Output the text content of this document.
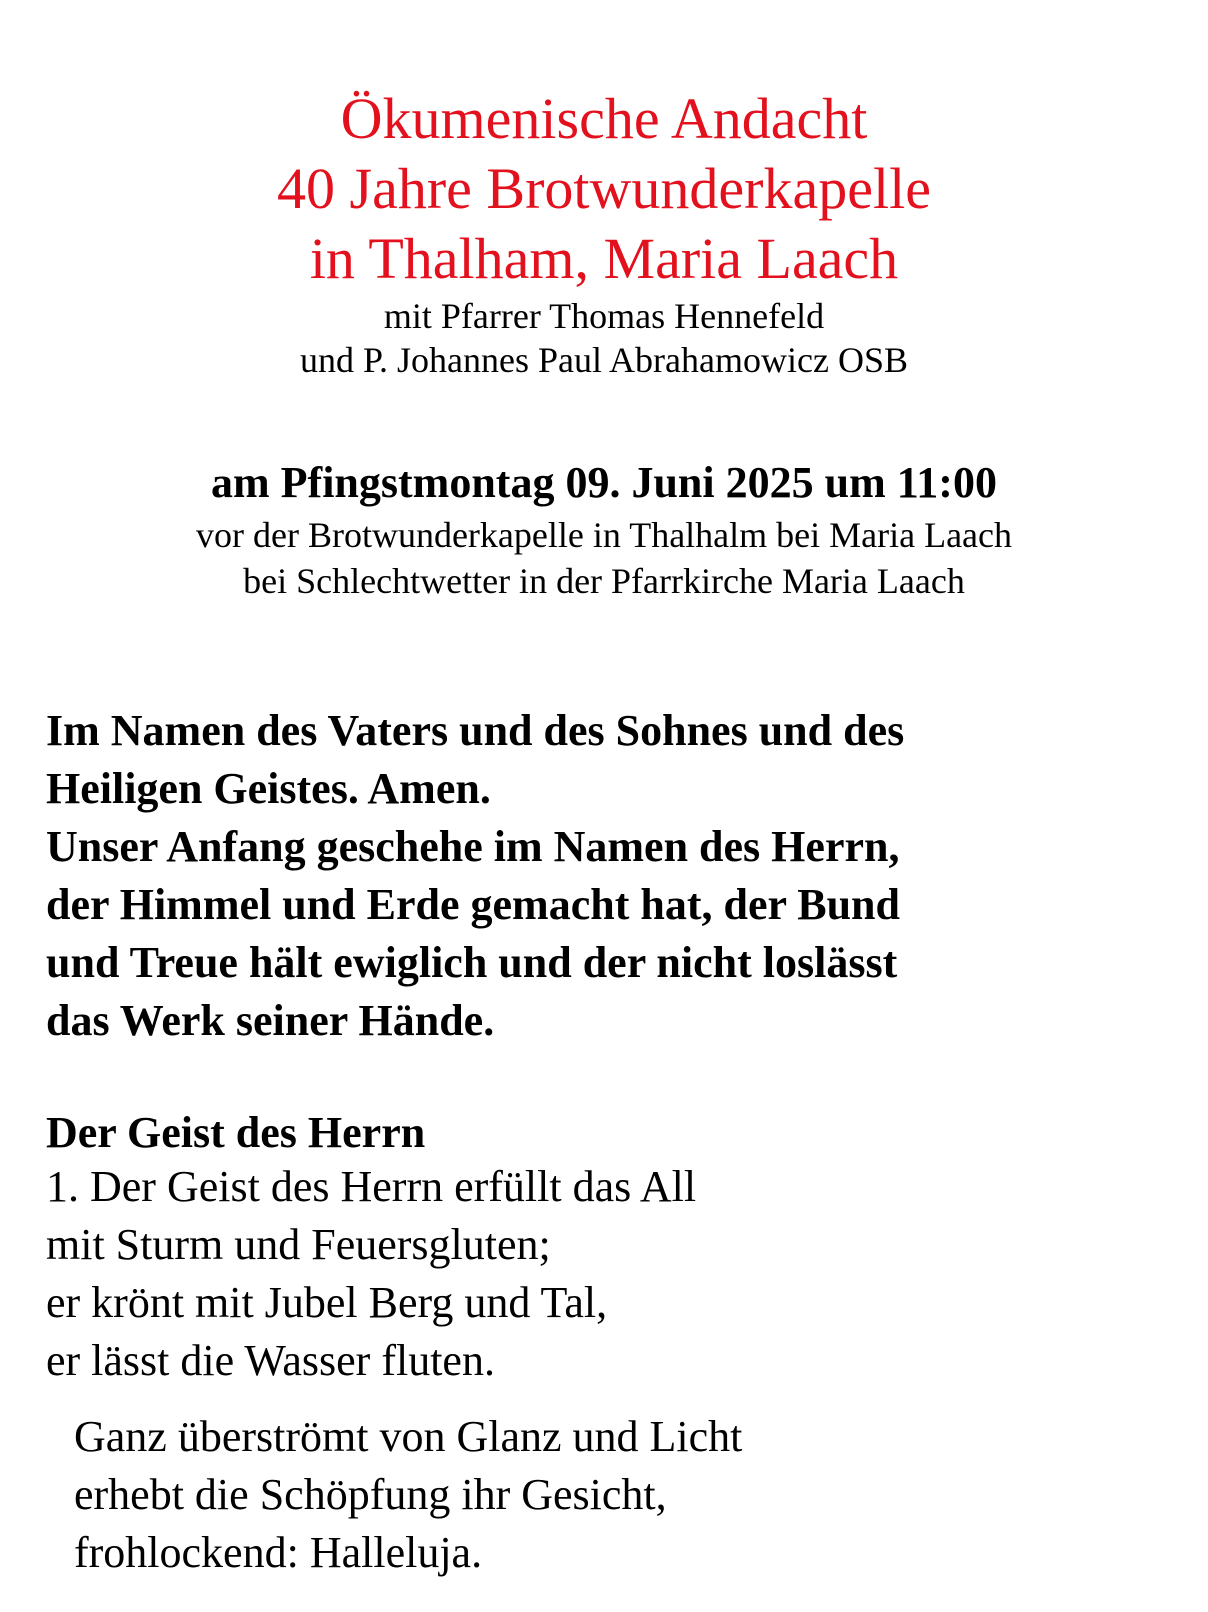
Ökumenische Andacht
40 Jahre Brotwunderkapelle
in Thalham, Maria Laach
mit Pfarrer Thomas Hennefeld
und P. Johannes Paul Abrahamowicz OSB
am Pfingstmontag 09. Juni 2025 um 11:00
vor der Brotwunderkapelle in Thalhalm bei Maria Laach
bei Schlechtwetter in der Pfarrkirche Maria Laach
Im Namen des Vaters und des Sohnes und des
Heiligen Geistes. Amen.
Unser Anfang geschehe im Namen des Herrn,
der Himmel und Erde gemacht hat, der Bund
und Treue hält ewiglich und der nicht loslässt
das Werk seiner Hände.
Der Geist des Herrn
1. Der Geist des Herrn erfüllt das All
mit Sturm und Feuersgluten;
er krönt mit Jubel Berg und Tal,
er lässt die Wasser fluten.
Ganz überströmt von Glanz und Licht
erhebt die Schöpfung ihr Gesicht,
frohlockend: Halleluja.
